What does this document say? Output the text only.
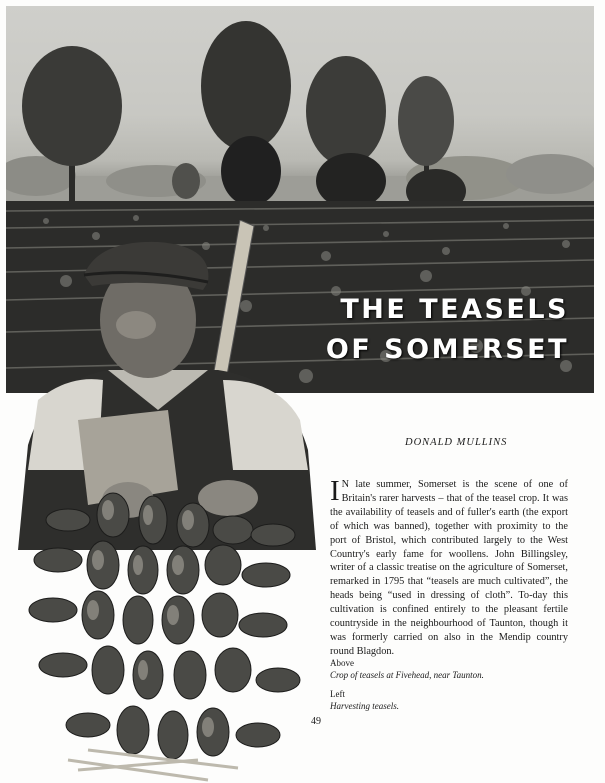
THE TEASELS
OF SOMERSET
DONALD MULLINS
I N late summer, Somerset is the scene of one of Britain's rarer harvests – that of the teasel crop. It was the availability of teasels and of fuller's earth (the export of which was banned), together with proximity to the port of Bristol, which contributed largely to the West Country's early fame for woollens. John Billingsley, writer of a classic treatise on the agriculture of Somerset, remarked in 1795 that “teasels are much cultivated”, the heads being “used in dressing of cloth”. To-day this cultivation is confined entirely to the pleasant fertile countryside in the neighbourhood of Taunton, though it was formerly carried on also in the Mendip country round Blagdon.
Above
Crop of teasels at Fivehead, near Taunton.
Left
Harvesting teasels.
49
